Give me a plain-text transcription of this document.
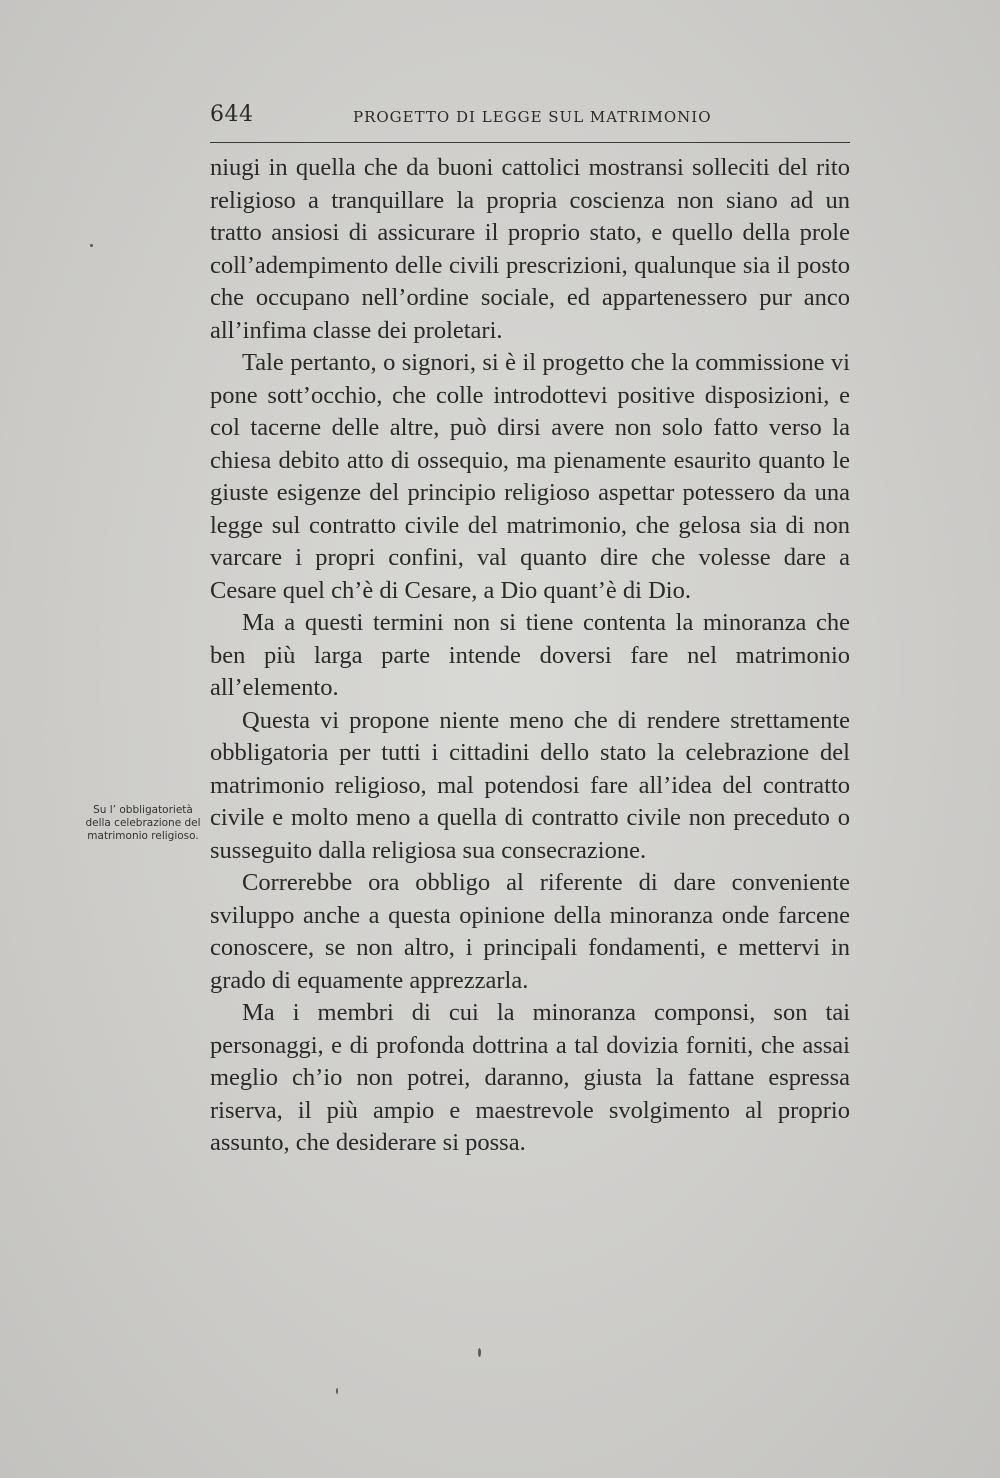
644	PROGETTO DI LEGGE SUL MATRIMONIO
Su l’ obbligatorietà della celebrazione del matrimonio religioso.

niugi in quella che da buoni cattolici mostransi solleciti del rito religioso a tranquillare la propria coscienza non siano ad un tratto ansiosi di assicurare il proprio stato, e quello della prole coll’adempimento delle civili prescrizioni, qualunque sia il posto che occupano nell’ordine sociale, ed appartenessero pur anco all’infima classe dei proletari.

Tale pertanto, o signori, si è il progetto che la commissione vi pone sott’occhio, che colle introdottevi positive disposizioni, e col tacerne delle altre, può dirsi avere non solo fatto verso la chiesa debito atto di ossequio, ma pienamente esaurito quanto le giuste esigenze del principio religioso aspettar potessero da una legge sul contratto civile del matrimonio, che gelosa sia di non varcare i propri confini, val quanto dire che volesse dare a Cesare quel ch’è di Cesare, a Dio quant’è di Dio.

Ma a questi termini non si tiene contenta la minoranza che ben più larga parte intende doversi fare nel matrimonio all’elemento.

Questa vi propone niente meno che di rendere strettamente obbligatoria per tutti i cittadini dello stato la celebrazione del matrimonio religioso, mal potendosi fare all’idea del contratto civile e molto meno a quella di contratto civile non preceduto o susseguito dalla religiosa sua consecrazione.

Correrebbe ora obbligo al riferente di dare conveniente sviluppo anche a questa opinione della minoranza onde farcene conoscere, se non altro, i principali fondamenti, e mettervi in grado di equamente apprezzarla.

Ma i membri di cui la minoranza componsi, son tai personaggi, e di profonda dottrina a tal dovizia forniti, che assai meglio ch’io non potrei, daranno, giusta la fattane espressa riserva, il più ampio e maestrevole svolgimento al proprio assunto, che desiderare si possa.
